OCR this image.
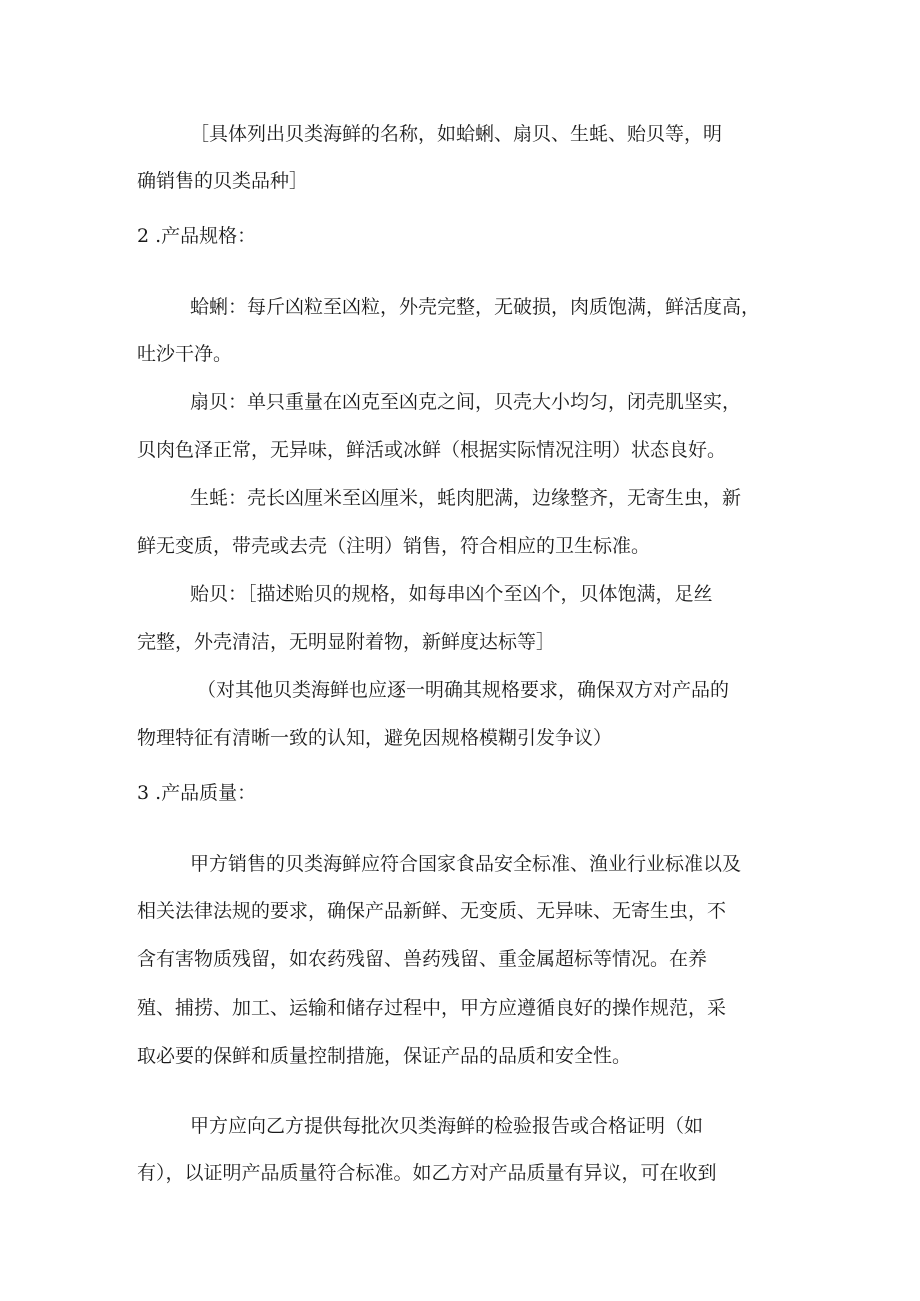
［具体列出贝类海鲜的名称，如蛤蜊、扇贝、生蚝、贻贝等，明
确销售的贝类品种］
2 .产品规格：
蛤蜊：每斤凶粒至凶粒，外壳完整，无破损，肉质饱满，鲜活度高，
吐沙干净。
扇贝：单只重量在凶克至凶克之间，贝壳大小均匀，闭壳肌坚实，
贝肉色泽正常，无异味，鲜活或冰鲜（根据实际情况注明）状态良好。
生蚝：壳长凶厘米至凶厘米，蚝肉肥满，边缘整齐，无寄生虫，新
鲜无变质，带壳或去壳（注明）销售，符合相应的卫生标准。
贻贝：［描述贻贝的规格，如每串凶个至凶个，贝体饱满，足丝
完整，外壳清洁，无明显附着物，新鲜度达标等］
（对其他贝类海鲜也应逐一明确其规格要求，确保双方对产品的
物理特征有清晰一致的认知，避免因规格模糊引发争议）
3 .产品质量：
甲方销售的贝类海鲜应符合国家食品安全标准、渔业行业标准以及
相关法律法规的要求，确保产品新鲜、无变质、无异味、无寄生虫，不
含有害物质残留，如农药残留、兽药残留、重金属超标等情况。在养
殖、捕捞、加工、运输和储存过程中，甲方应遵循良好的操作规范，采
取必要的保鲜和质量控制措施，保证产品的品质和安全性。
甲方应向乙方提供每批次贝类海鲜的检验报告或合格证明（如
有），以证明产品质量符合标准。如乙方对产品质量有异议，可在收到
